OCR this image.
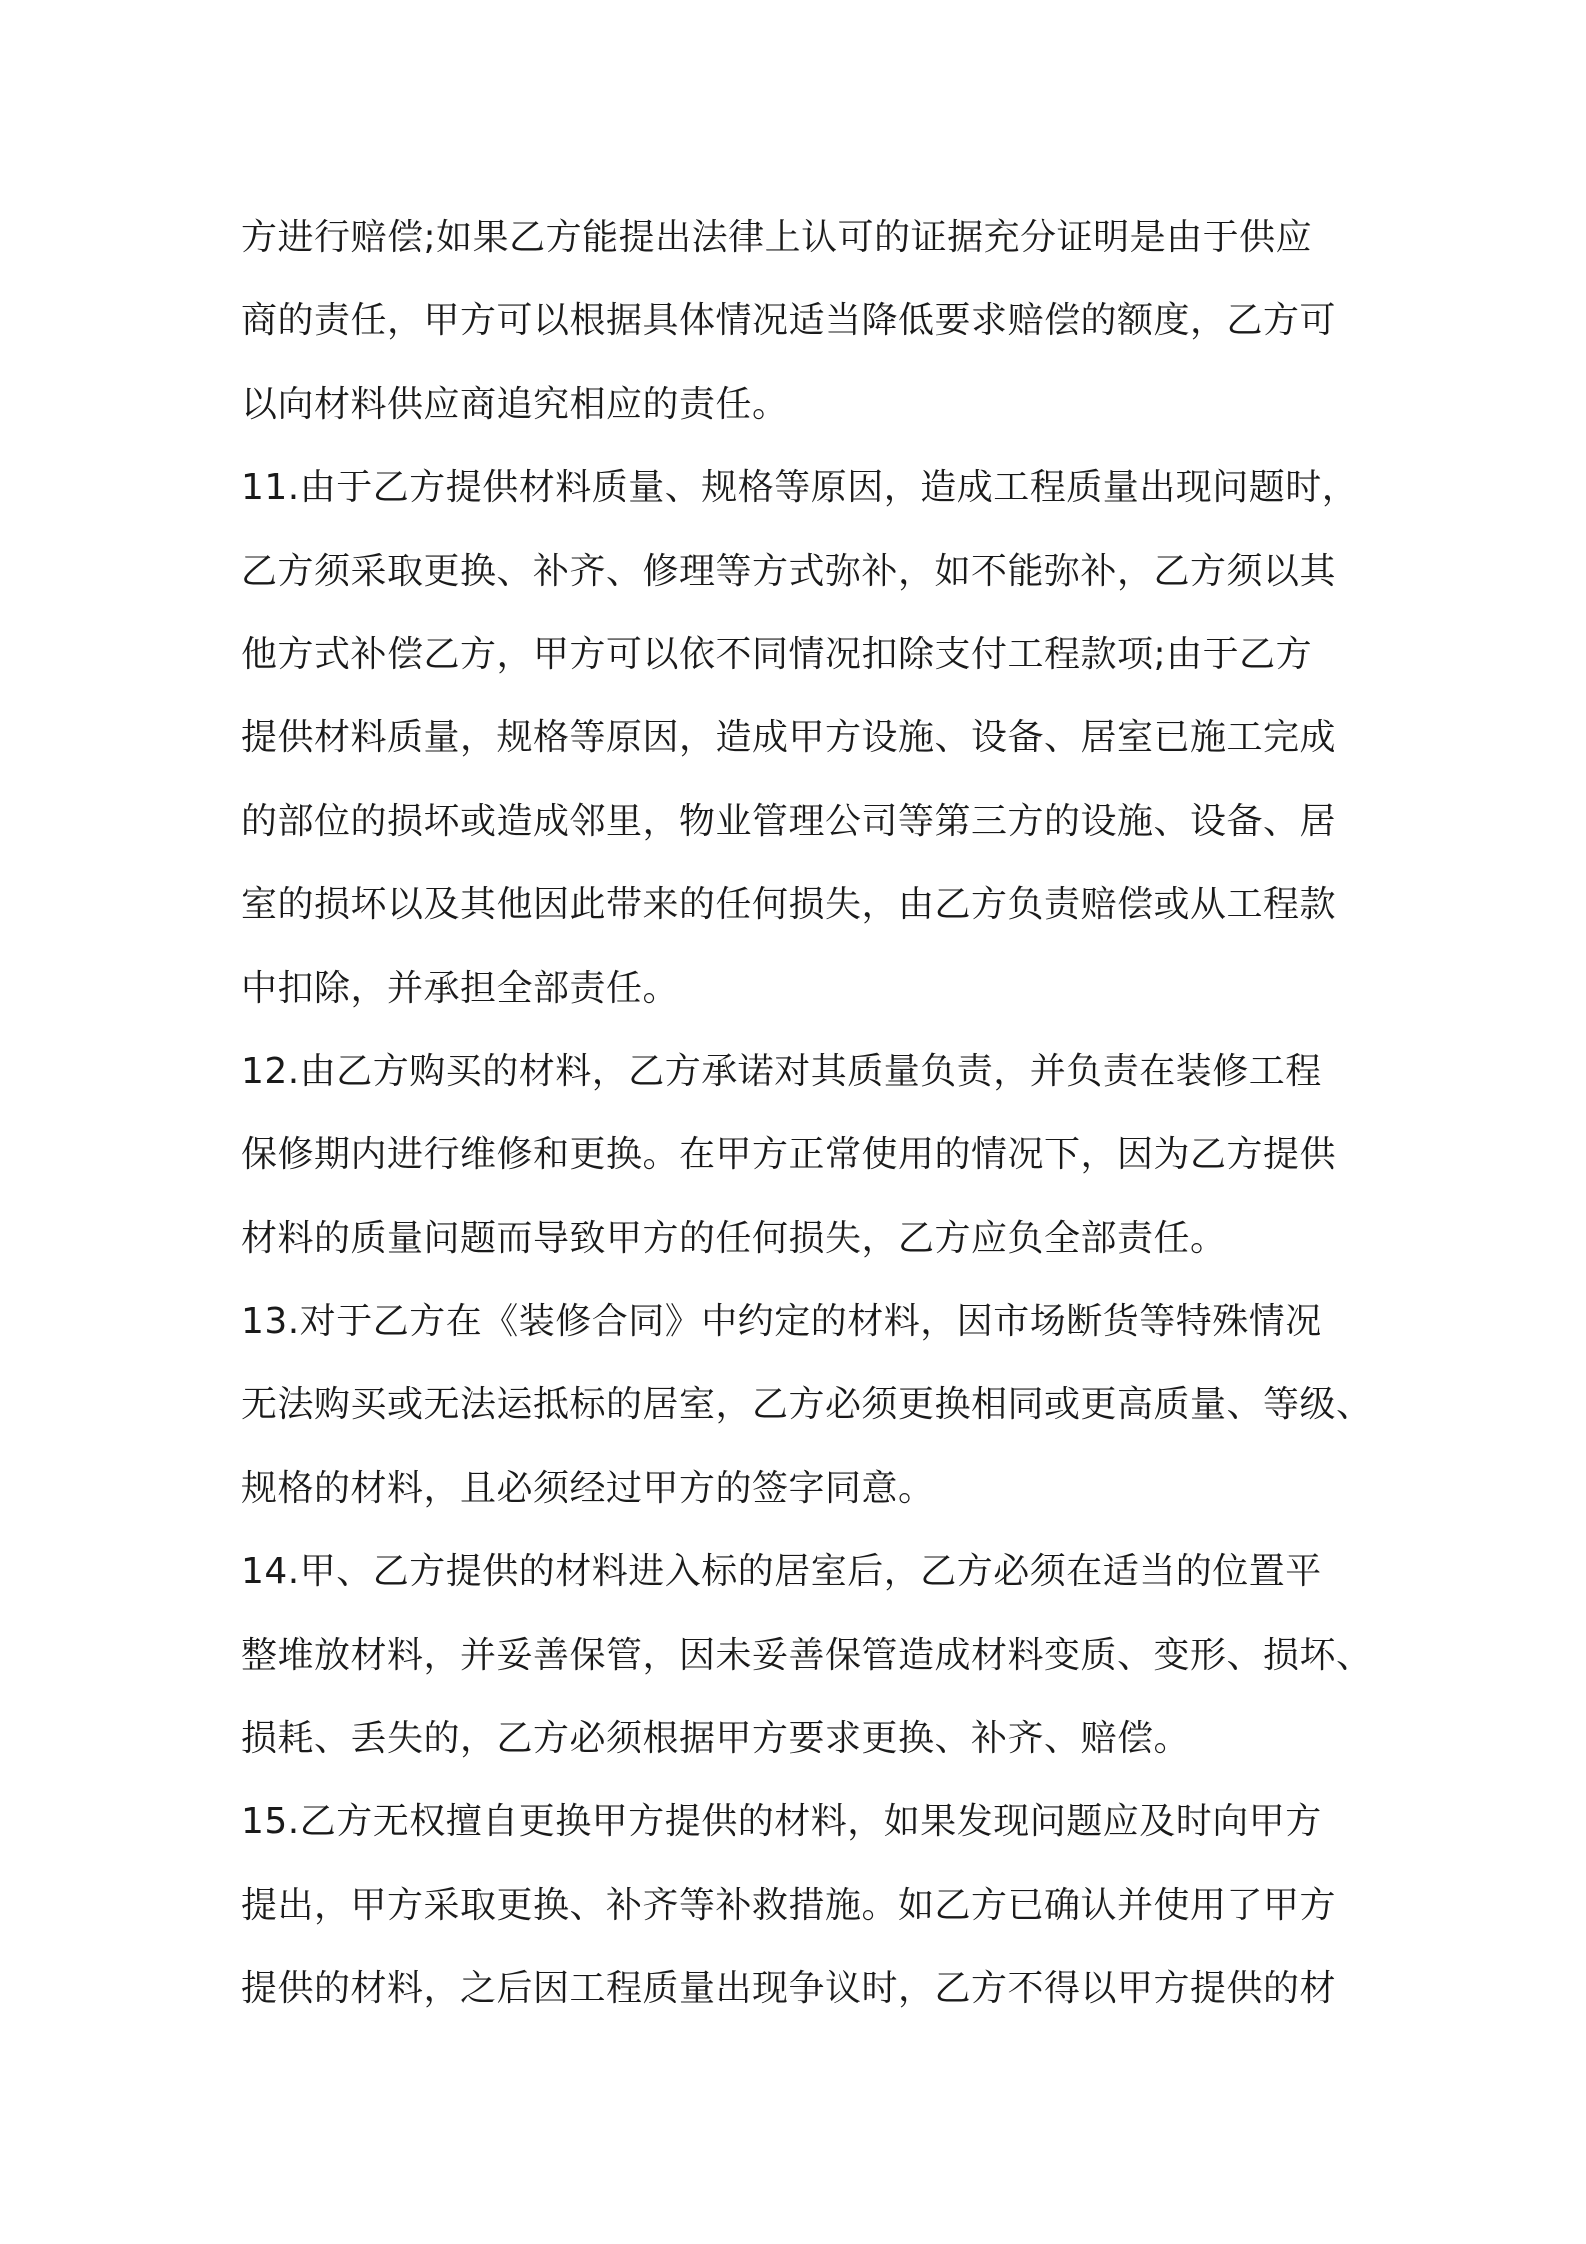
方进行赔偿;如果乙方能提出法律上认可的证据充分证明是由于供应
商的责任，甲方可以根据具体情况适当降低要求赔偿的额度，乙方可
以向材料供应商追究相应的责任。
11.由于乙方提供材料质量、规格等原因，造成工程质量出现问题时，
乙方须采取更换、补齐、修理等方式弥补，如不能弥补，乙方须以其
他方式补偿乙方，甲方可以依不同情况扣除支付工程款项;由于乙方
提供材料质量，规格等原因，造成甲方设施、设备、居室已施工完成
的部位的损坏或造成邻里，物业管理公司等第三方的设施、设备、居
室的损坏以及其他因此带来的任何损失，由乙方负责赔偿或从工程款
中扣除，并承担全部责任。
12.由乙方购买的材料，乙方承诺对其质量负责，并负责在装修工程
保修期内进行维修和更换。在甲方正常使用的情况下，因为乙方提供
材料的质量问题而导致甲方的任何损失，乙方应负全部责任。
13.对于乙方在《装修合同》中约定的材料，因市场断货等特殊情况
无法购买或无法运抵标的居室，乙方必须更换相同或更高质量、等级、
规格的材料，且必须经过甲方的签字同意。
14.甲、乙方提供的材料进入标的居室后，乙方必须在适当的位置平
整堆放材料，并妥善保管，因未妥善保管造成材料变质、变形、损坏、
损耗、丢失的，乙方必须根据甲方要求更换、补齐、赔偿。
15.乙方无权擅自更换甲方提供的材料，如果发现问题应及时向甲方
提出，甲方采取更换、补齐等补救措施。如乙方已确认并使用了甲方
提供的材料，之后因工程质量出现争议时，乙方不得以甲方提供的材
